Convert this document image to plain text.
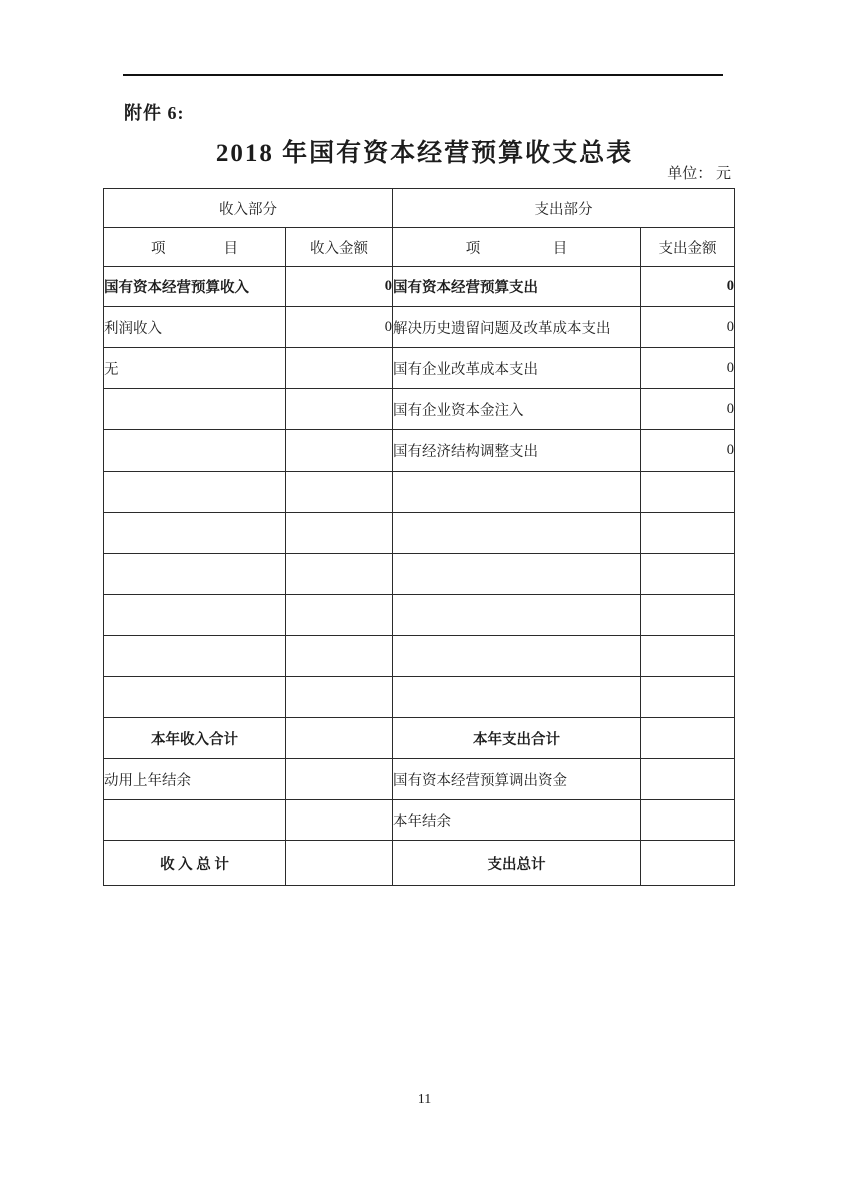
附件 6:
2018 年国有资本经营预算收支总表
单位： 元
收入部分		支出部分	
项　　　　目	收入金额	项　　　　　目	支出金额
国有资本经营预算收入	0	国有资本经营预算支出	0
利润收入	0	解决历史遗留问题及改革成本支出	0
无		国有企业改革成本支出	0
		国有企业资本金注入	0
		国有经济结构调整支出	0

本年收入合计		本年支出合计	
动用上年结余		国有资本经营预算调出资金	
		本年结余	
收 入 总 计		支出总计	
11
